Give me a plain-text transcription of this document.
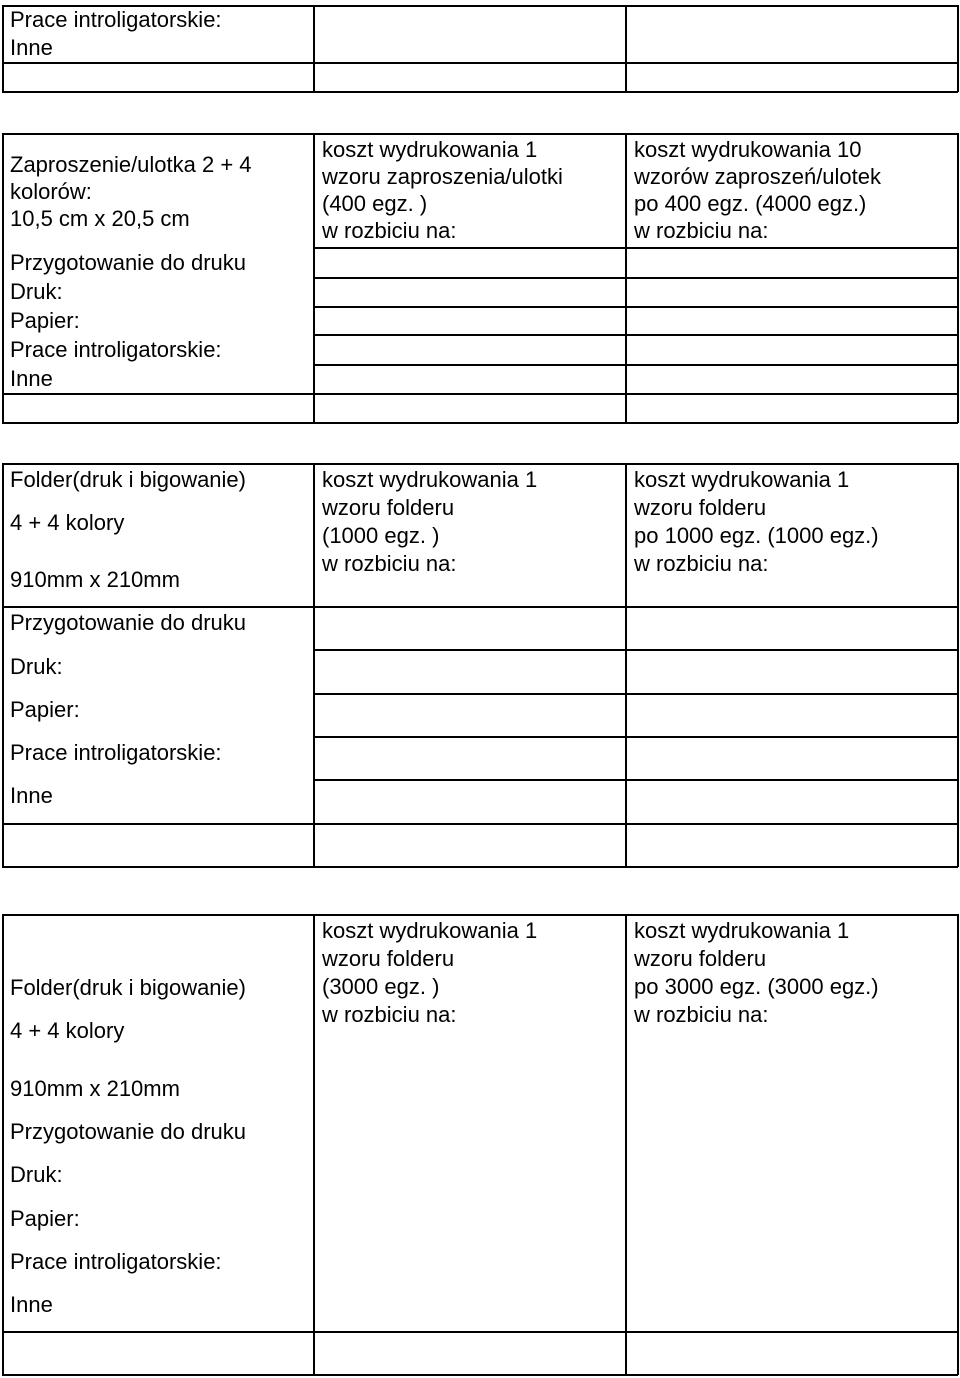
Prace introligatorskie:
Inne
Zaproszenie/ulotka 2 + 4
kolorów:
10,5 cm x 20,5 cm
Przygotowanie do druku
Druk:
Papier:
Prace introligatorskie:
Inne
koszt wydrukowania 1
wzoru zaproszenia/ulotki
(400 egz. )
w rozbiciu na:
koszt wydrukowania 10
wzorów zaproszeń/ulotek
po 400 egz. (4000 egz.)
w rozbiciu na:
Folder(druk i bigowanie)
4 + 4 kolory
910mm x 210mm
Przygotowanie do druku
Druk:
Papier:
Prace introligatorskie:
Inne
koszt wydrukowania 1
wzoru folderu
(1000 egz. )
w rozbiciu na:
koszt wydrukowania 1
wzoru folderu
po 1000 egz. (1000 egz.)
w rozbiciu na:
Folder(druk i bigowanie)
4 + 4 kolory
910mm x 210mm
Przygotowanie do druku
Druk:
Papier:
Prace introligatorskie:
Inne
koszt wydrukowania 1
wzoru folderu
(3000 egz. )
w rozbiciu na:
koszt wydrukowania 1
wzoru folderu
po 3000 egz. (3000 egz.)
w rozbiciu na:
